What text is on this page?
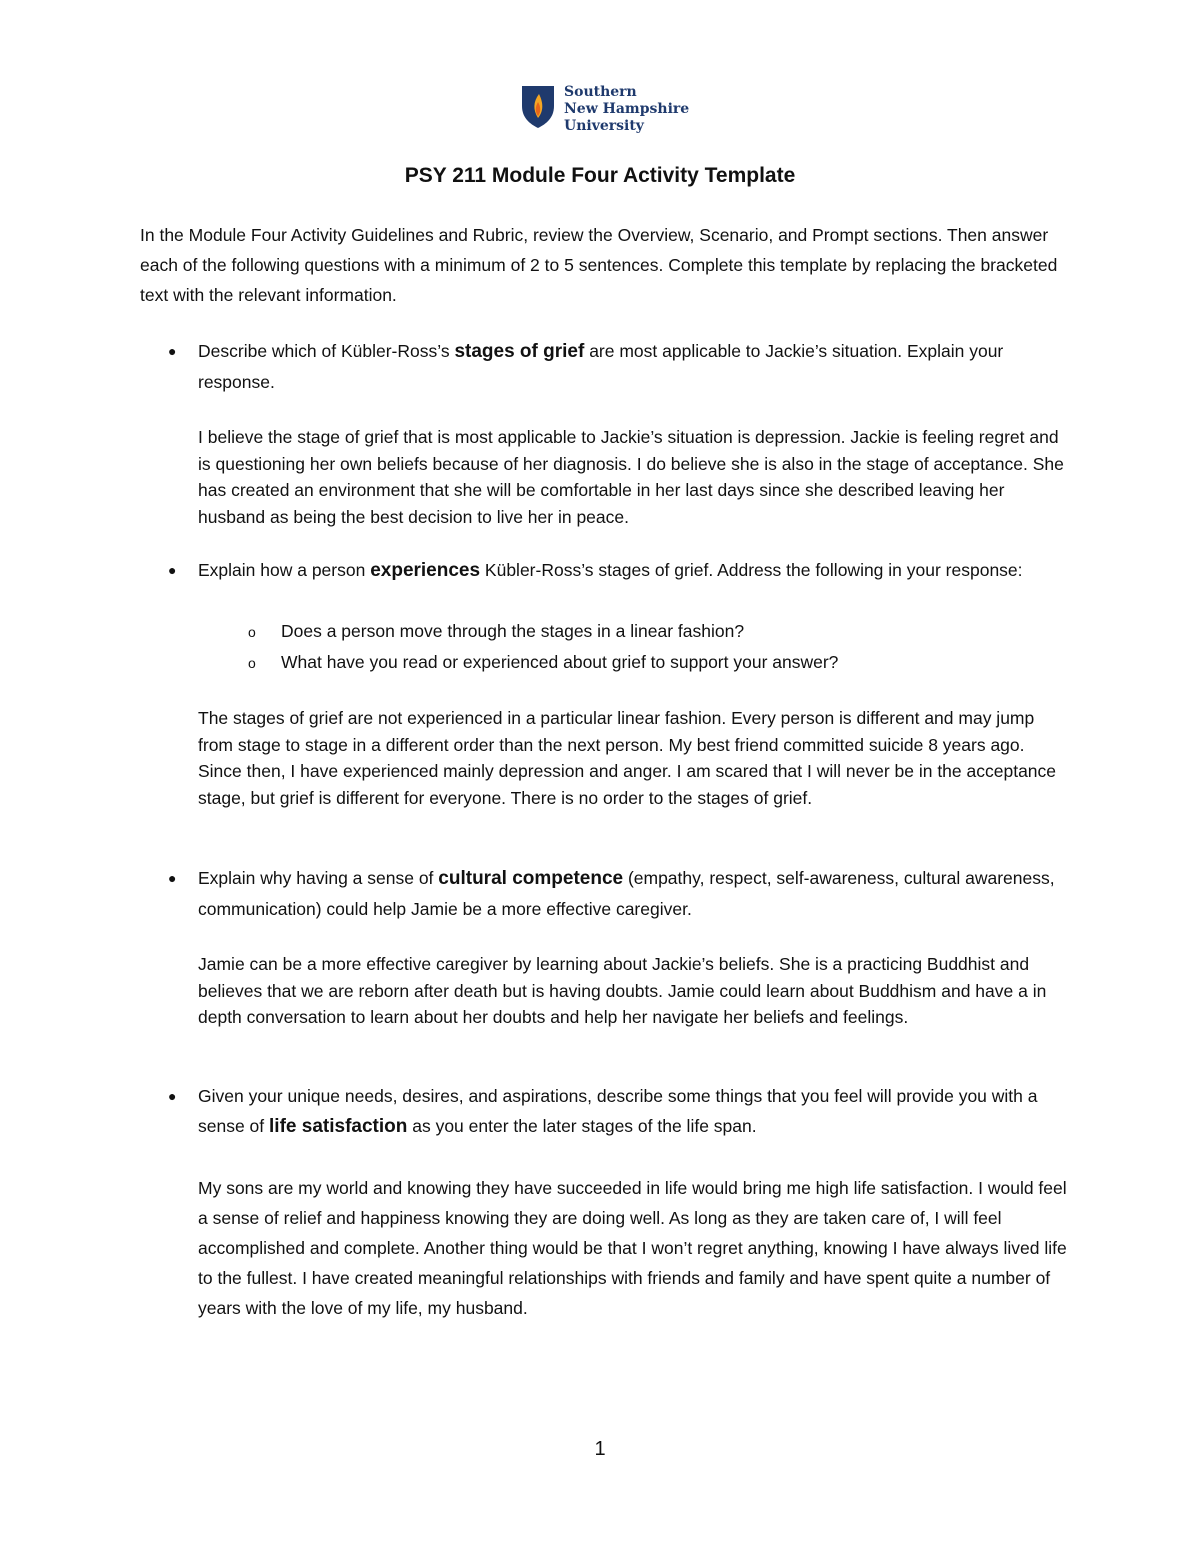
Southern
New Hampshire
University
PSY 211 Module Four Activity Template
In the Module Four Activity Guidelines and Rubric, review the Overview, Scenario, and Prompt sections. Then answer each of the following questions with a minimum of 2 to 5 sentences. Complete this template by replacing the bracketed text with the relevant information.
● Describe which of Kübler-Ross’s stages of grief are most applicable to Jackie’s situation. Explain your response.
I believe the stage of grief that is most applicable to Jackie’s situation is depression. Jackie is feeling regret and is questioning her own beliefs because of her diagnosis. I do believe she is also in the stage of acceptance. She has created an environment that she will be comfortable in her last days since she described leaving her husband as being the best decision to live her in peace.
● Explain how a person experiences Kübler-Ross’s stages of grief. Address the following in your response:
o Does a person move through the stages in a linear fashion?
o What have you read or experienced about grief to support your answer?
The stages of grief are not experienced in a particular linear fashion. Every person is different and may jump from stage to stage in a different order than the next person. My best friend committed suicide 8 years ago. Since then, I have experienced mainly depression and anger. I am scared that I will never be in the acceptance stage, but grief is different for everyone. There is no order to the stages of grief.
● Explain why having a sense of cultural competence (empathy, respect, self-awareness, cultural awareness, communication) could help Jamie be a more effective caregiver.
Jamie can be a more effective caregiver by learning about Jackie’s beliefs. She is a practicing Buddhist and believes that we are reborn after death but is having doubts. Jamie could learn about Buddhism and have a in depth conversation to learn about her doubts and help her navigate her beliefs and feelings.
● Given your unique needs, desires, and aspirations, describe some things that you feel will provide you with a sense of life satisfaction as you enter the later stages of the life span.
My sons are my world and knowing they have succeeded in life would bring me high life satisfaction. I would feel a sense of relief and happiness knowing they are doing well. As long as they are taken care of, I will feel accomplished and complete. Another thing would be that I won’t regret anything, knowing I have always lived life to the fullest. I have created meaningful relationships with friends and family and have spent quite a number of years with the love of my life, my husband.
1
